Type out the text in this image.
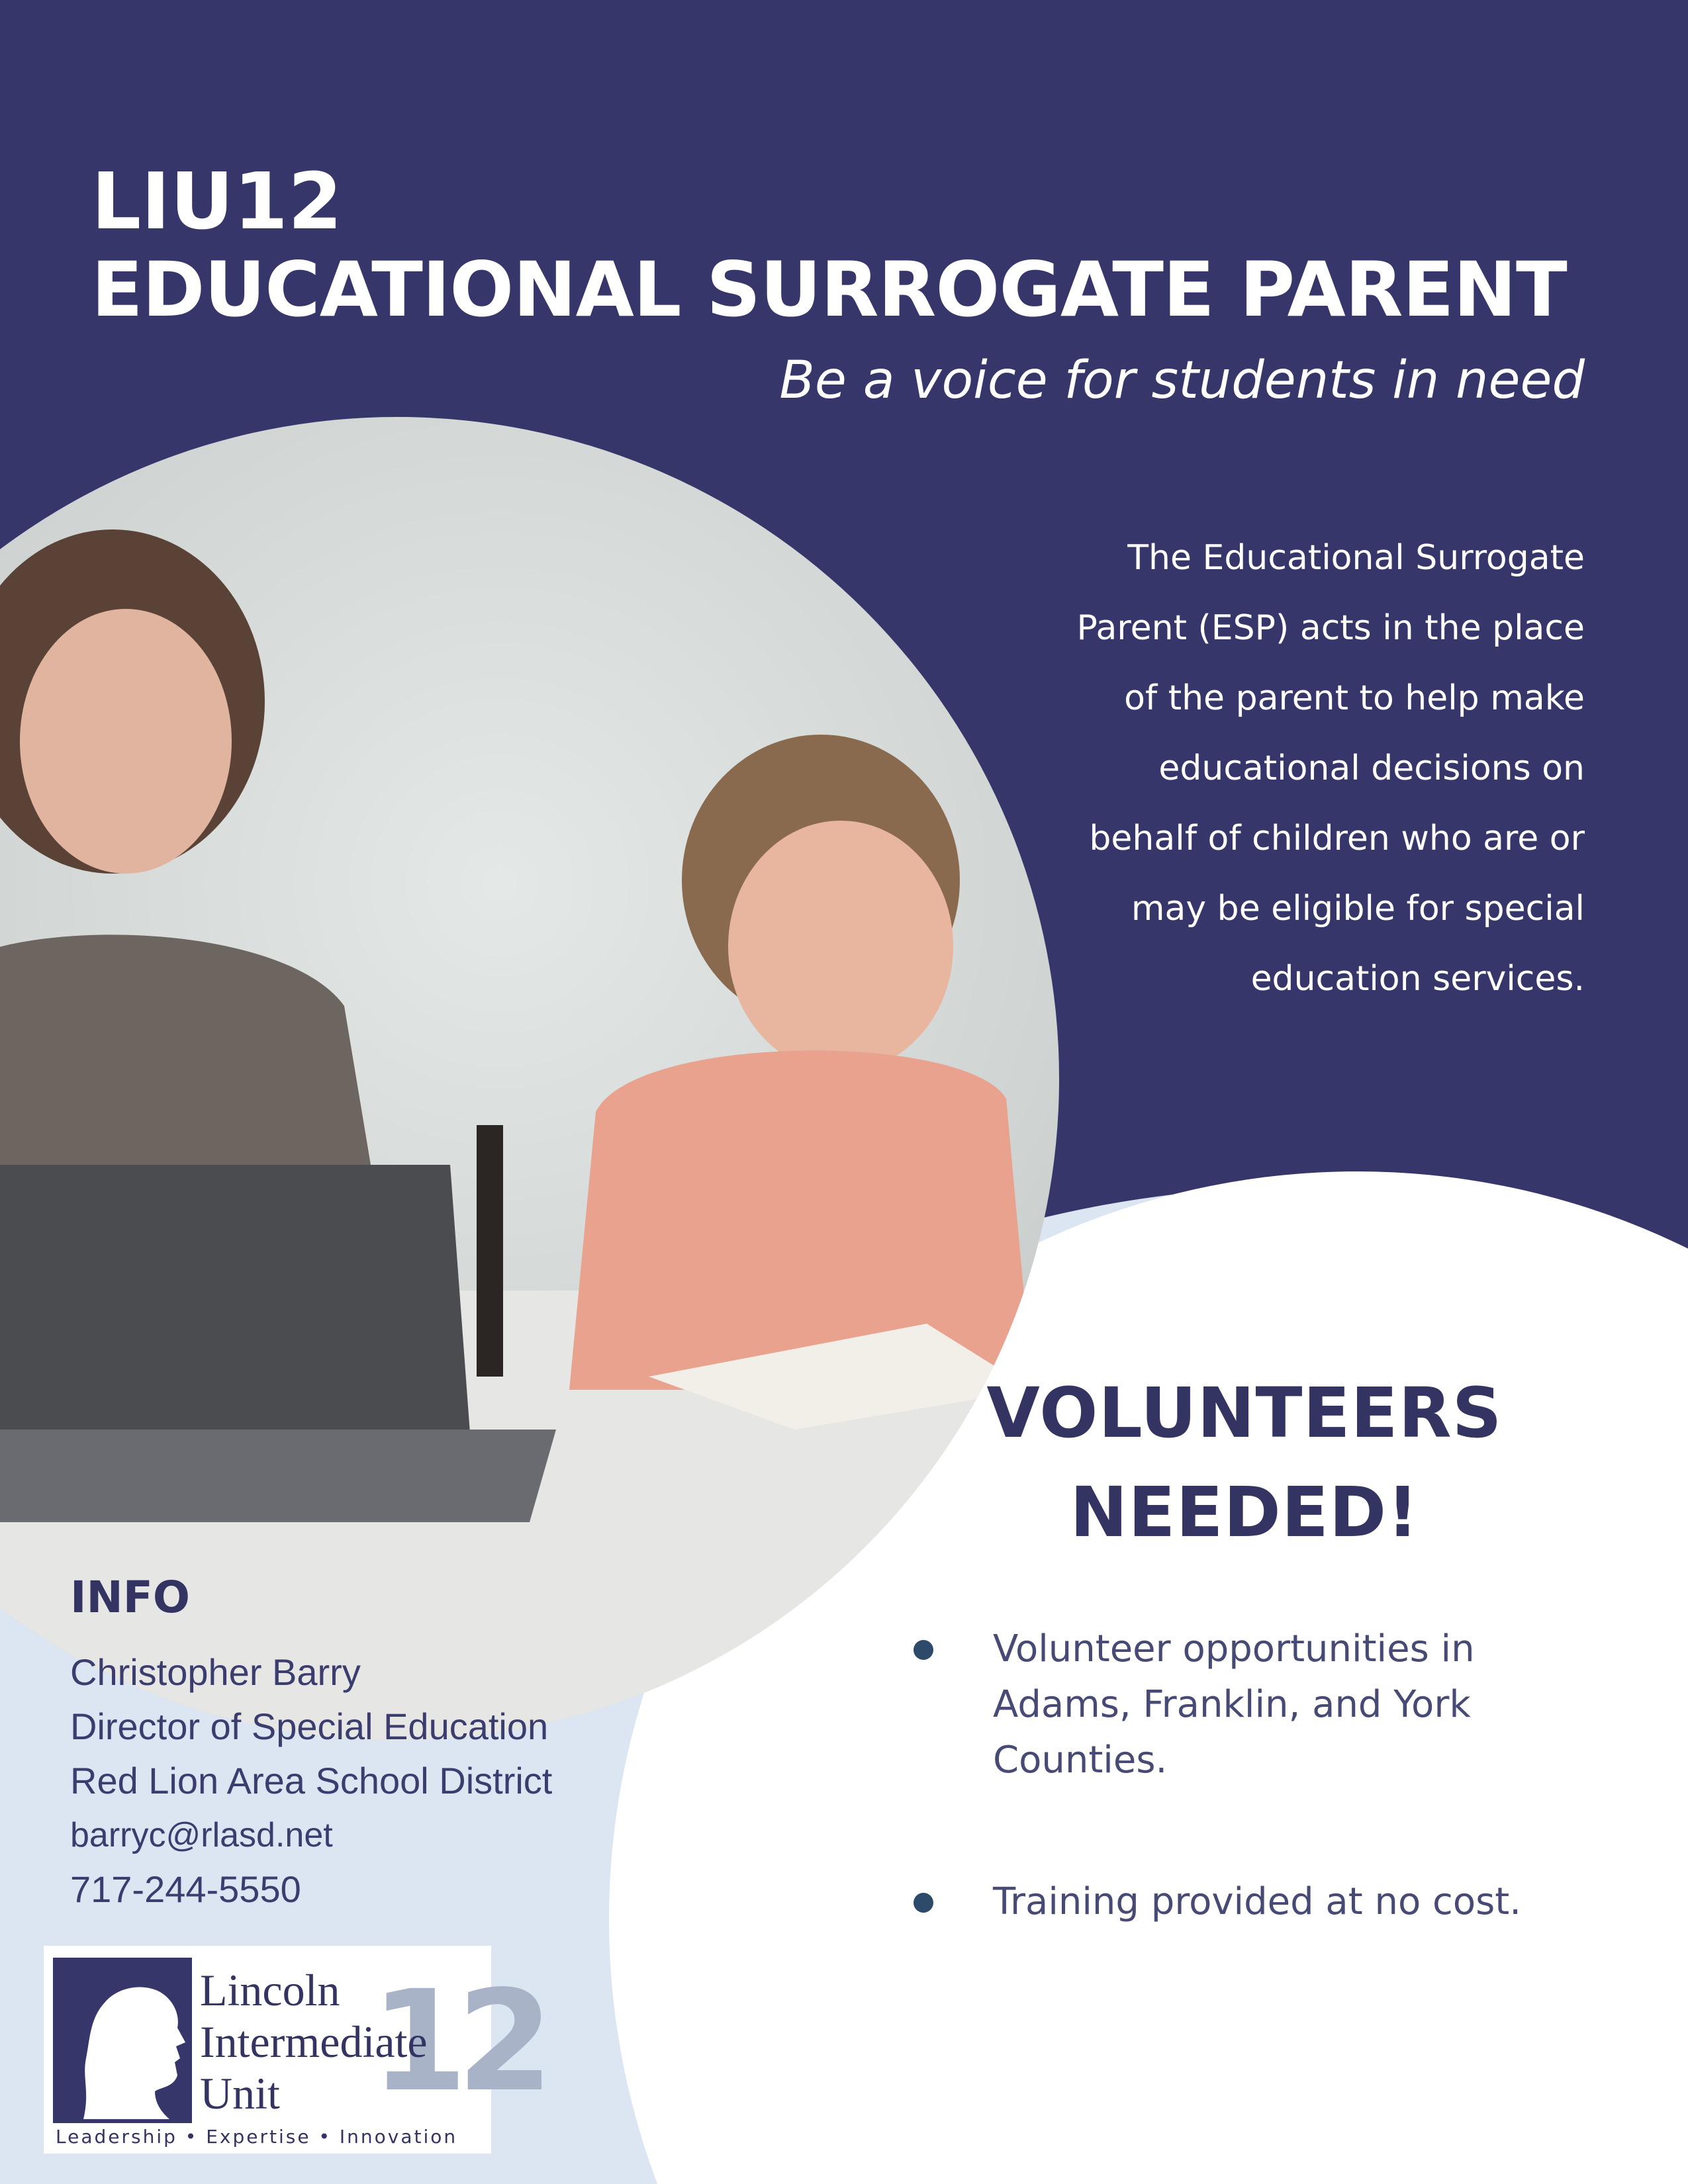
LIU12
EDUCATIONAL SURROGATE PARENT
Be a voice for students in need
The Educational Surrogate
Parent (ESP) acts in the place
of the parent to help make
educational decisions on
behalf of children who are or
may be eligible for special
education services.
VOLUNTEERS
NEEDED!
Volunteer opportunities in Adams, Franklin, and York Counties.
Training provided at no cost.
INFO
Christopher Barry
Director of Special Education
Red Lion Area School District
barryc@rlasd.net
717-244-5550
12
Lincoln
Intermediate
Unit
Leadership • Expertise • Innovation
